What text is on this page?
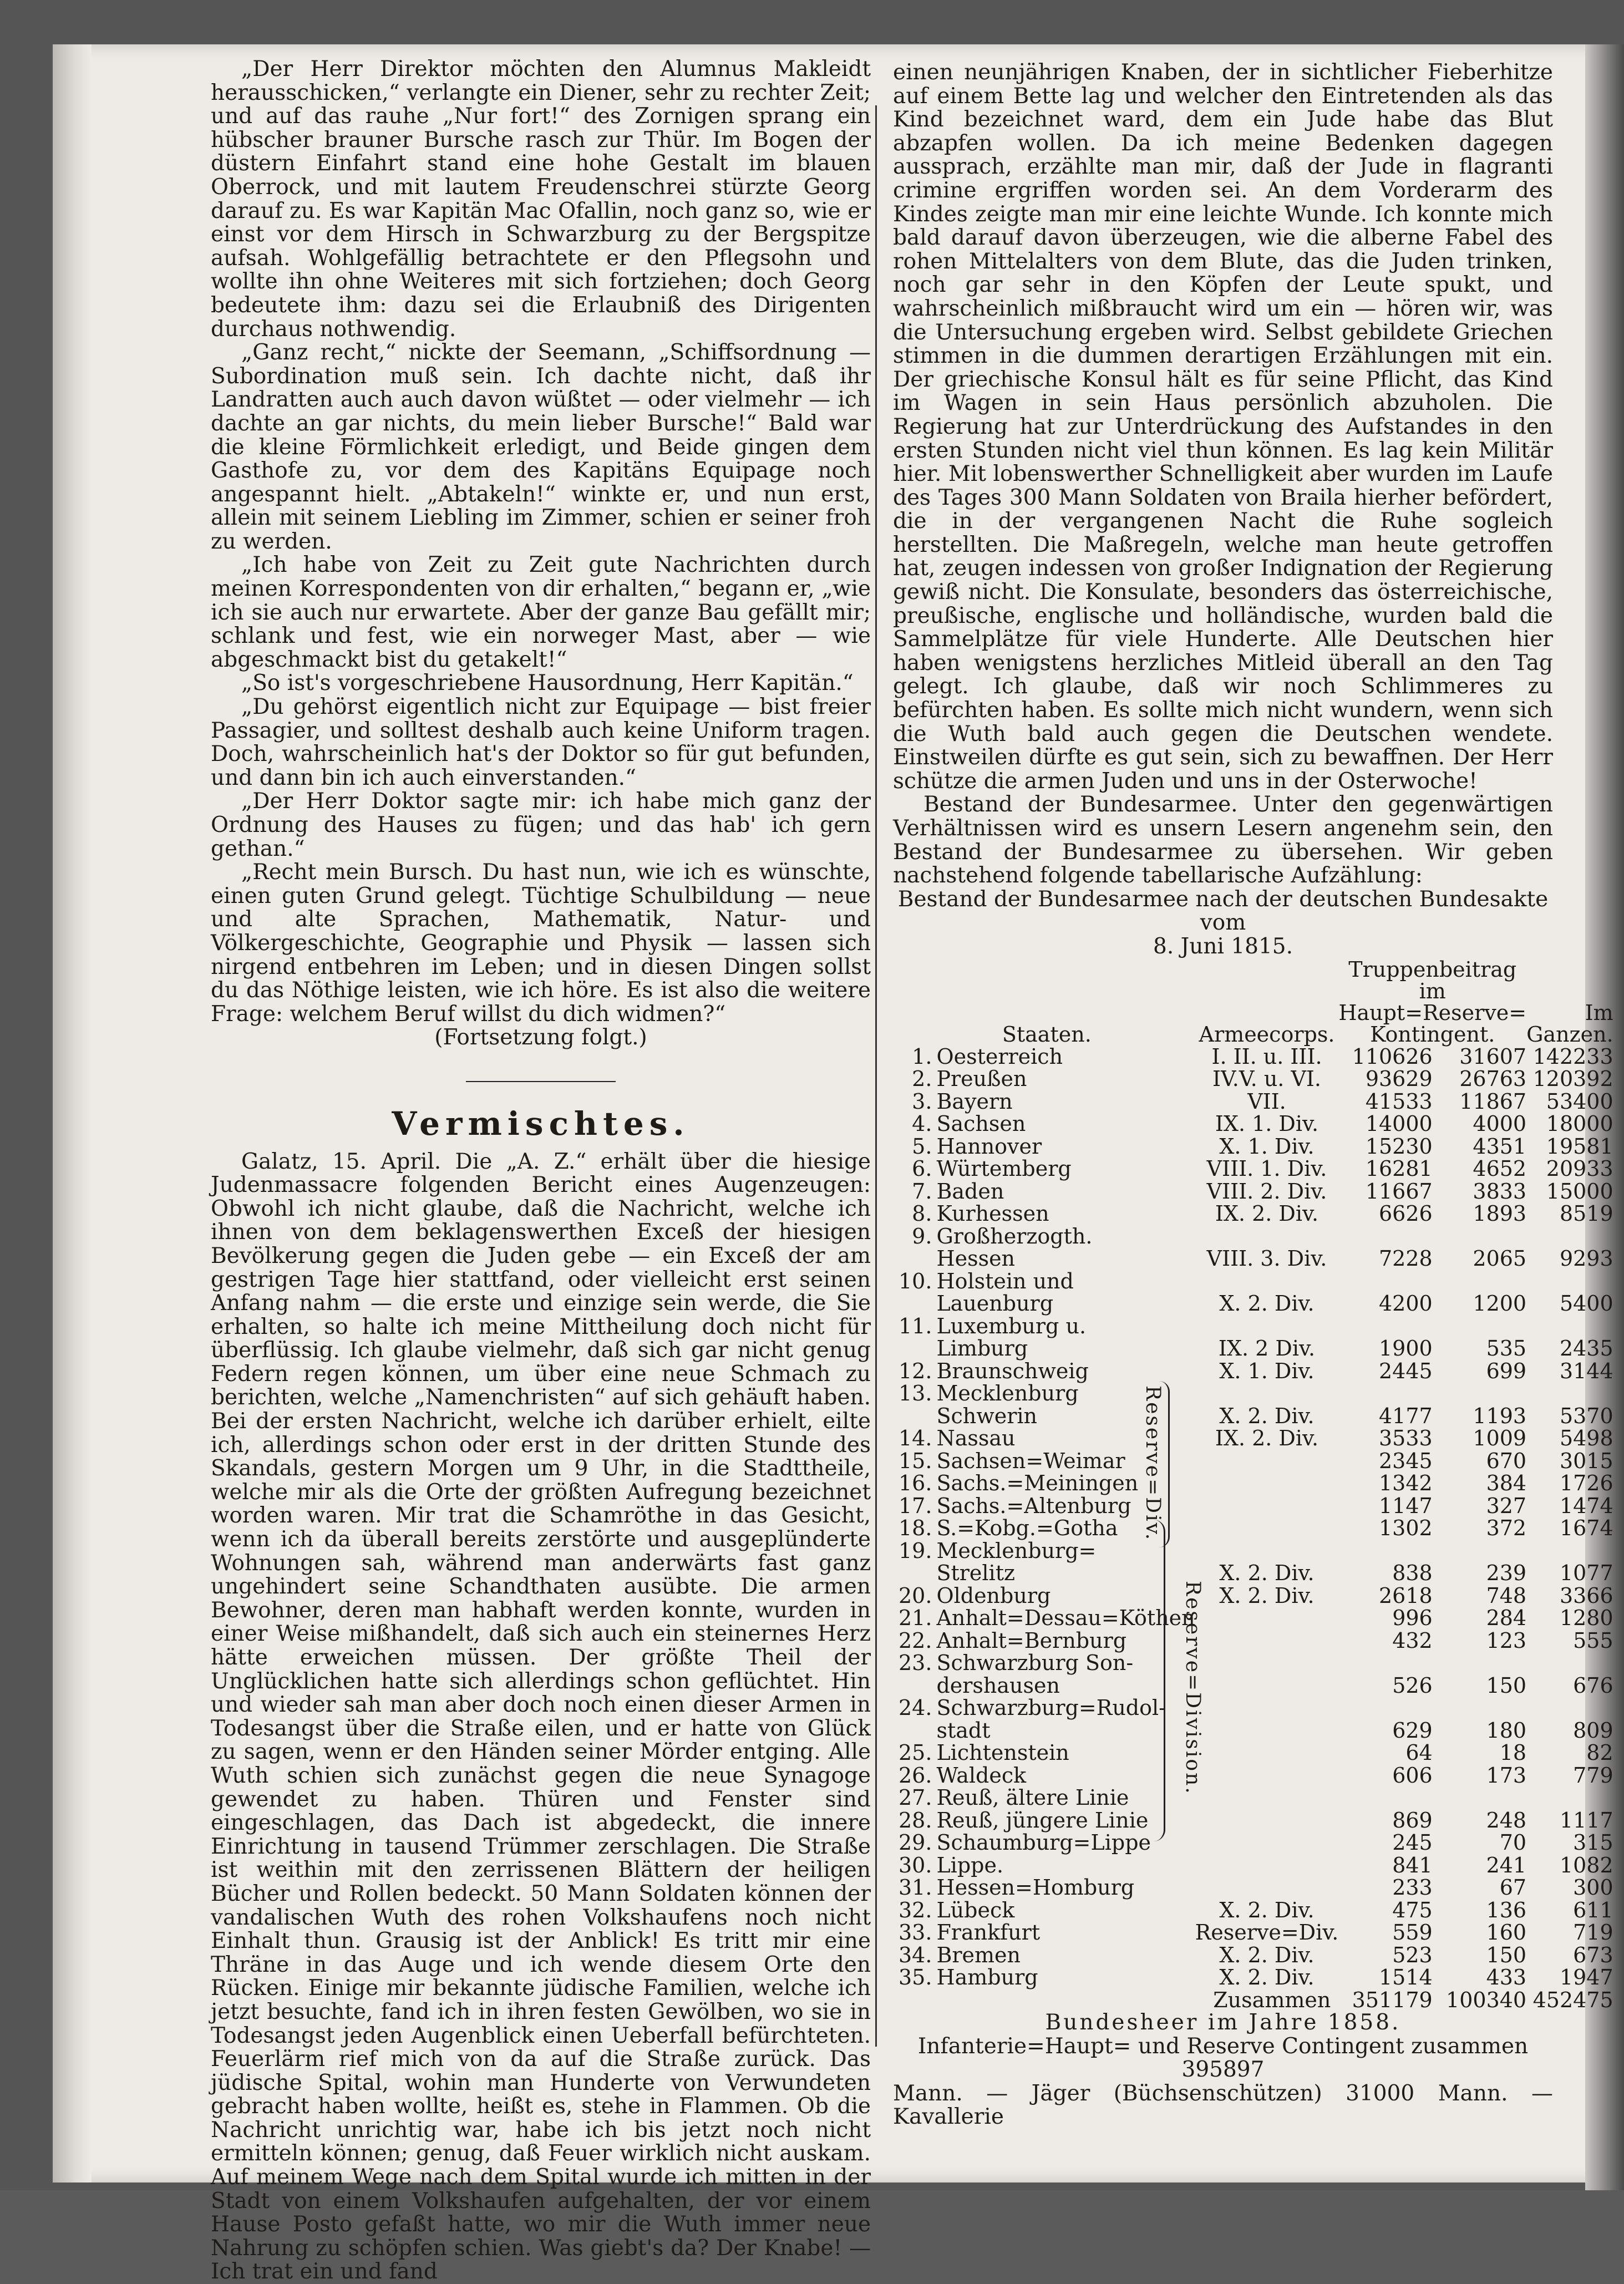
„Der Herr Direktor möchten den Alumnus Makleidt herausschicken,“ verlangte ein Diener, sehr zu rechter Zeit; und auf das rauhe „Nur fort!“ des Zornigen sprang ein hübscher brauner Bursche rasch zur Thür. Im Bogen der düstern Einfahrt stand eine hohe Gestalt im blauen Oberrock, und mit lautem Freudenschrei stürzte Georg darauf zu. Es war Kapitän Mac Ofallin, noch ganz so, wie er einst vor dem Hirsch in Schwarzburg zu der Bergspitze aufsah. Wohlgefällig betrachtete er den Pflegsohn und wollte ihn ohne Weiteres mit sich fortziehen; doch Georg bedeutete ihm: dazu sei die Erlaubniß des Dirigenten durchaus nothwendig.

„Ganz recht,“ nickte der Seemann, „Schiffsordnung — Subordination muß sein. Ich dachte nicht, daß ihr Landratten auch auch davon wüßtet — oder vielmehr — ich dachte an gar nichts, du mein lieber Bursche!“ Bald war die kleine Förmlichkeit erledigt, und Beide gingen dem Gasthofe zu, vor dem des Kapitäns Equipage noch angespannt hielt. „Abtakeln!“ winkte er, und nun erst, allein mit seinem Liebling im Zimmer, schien er seiner froh zu werden.

„Ich habe von Zeit zu Zeit gute Nachrichten durch meinen Korrespondenten von dir erhalten,“ begann er, „wie ich sie auch nur erwartete. Aber der ganze Bau gefällt mir; schlank und fest, wie ein norweger Mast, aber — wie abgeschmackt bist du getakelt!“

„So ist's vorgeschriebene Hausordnung, Herr Kapitän.“

„Du gehörst eigentlich nicht zur Equipage — bist freier Passagier, und solltest deshalb auch keine Uniform tragen. Doch, wahrscheinlich hat's der Doktor so für gut befunden, und dann bin ich auch einverstanden.“

„Der Herr Doktor sagte mir: ich habe mich ganz der Ordnung des Hauses zu fügen; und das hab' ich gern gethan.“

„Recht mein Bursch. Du hast nun, wie ich es wünschte, einen guten Grund gelegt. Tüchtige Schulbildung — neue und alte Sprachen, Mathematik, Natur- und Völkergeschichte, Geographie und Physik — lassen sich nirgend entbehren im Leben; und in diesen Dingen sollst du das Nöthige leisten, wie ich höre. Es ist also die weitere Frage: welchem Beruf willst du dich widmen?“

(Fortsetzung folgt.)

Vermischtes.

Galatz, 15. April. Die „A. Z.“ erhält über die hiesige Judenmassacre folgenden Bericht eines Augenzeugen: Obwohl ich nicht glaube, daß die Nachricht, welche ich ihnen von dem beklagenswerthen Exceß der hiesigen Bevölkerung gegen die Juden gebe — ein Exceß der am gestrigen Tage hier stattfand, oder vielleicht erst seinen Anfang nahm — die erste und einzige sein werde, die Sie erhalten, so halte ich meine Mittheilung doch nicht für überflüssig. Ich glaube vielmehr, daß sich gar nicht genug Federn regen können, um über eine neue Schmach zu berichten, welche „Namenchristen“ auf sich gehäuft haben. Bei der ersten Nachricht, welche ich darüber erhielt, eilte ich, allerdings schon oder erst in der dritten Stunde des Skandals, gestern Morgen um 9 Uhr, in die Stadttheile, welche mir als die Orte der größten Aufregung bezeichnet worden waren. Mir trat die Schamröthe in das Gesicht, wenn ich da überall bereits zerstörte und ausgeplünderte Wohnungen sah, während man anderwärts fast ganz ungehindert seine Schandthaten ausübte. Die armen Bewohner, deren man habhaft werden konnte, wurden in einer Weise mißhandelt, daß sich auch ein steinernes Herz hätte erweichen müssen. Der größte Theil der Unglücklichen hatte sich allerdings schon geflüchtet. Hin und wieder sah man aber doch noch einen dieser Armen in Todesangst über die Straße eilen, und er hatte von Glück zu sagen, wenn er den Händen seiner Mörder entging. Alle Wuth schien sich zunächst gegen die neue Synagoge gewendet zu haben. Thüren und Fenster sind eingeschlagen, das Dach ist abgedeckt, die innere Einrichtung in tausend Trümmer zerschlagen. Die Straße ist weithin mit den zerrissenen Blättern der heiligen Bücher und Rollen bedeckt. 50 Mann Soldaten können der vandalischen Wuth des rohen Volkshaufens noch nicht Einhalt thun. Grausig ist der Anblick! Es tritt mir eine Thräne in das Auge und ich wende diesem Orte den Rücken. Einige mir bekannte jüdische Familien, welche ich jetzt besuchte, fand ich in ihren festen Gewölben, wo sie in Todesangst jeden Augenblick einen Ueberfall befürchteten. Feuerlärm rief mich von da auf die Straße zurück. Das jüdische Spital, wohin man Hunderte von Verwundeten gebracht haben wollte, heißt es, stehe in Flammen. Ob die Nachricht unrichtig war, habe ich bis jetzt noch nicht ermitteln können; genug, daß Feuer wirklich nicht auskam. Auf meinem Wege nach dem Spital wurde ich mitten in der Stadt von einem Volkshaufen aufgehalten, der vor einem Hause Posto gefaßt hatte, wo mir die Wuth immer neue Nahrung zu schöpfen schien. Was giebt's da? Der Knabe! — Ich trat ein und fand

einen neunjährigen Knaben, der in sichtlicher Fieberhitze auf einem Bette lag und welcher den Eintretenden als das Kind bezeichnet ward, dem ein Jude habe das Blut abzapfen wollen. Da ich meine Bedenken dagegen aussprach, erzählte man mir, daß der Jude in flagranti crimine ergriffen worden sei. An dem Vorderarm des Kindes zeigte man mir eine leichte Wunde. Ich konnte mich bald darauf davon überzeugen, wie die alberne Fabel des rohen Mittelalters von dem Blute, das die Juden trinken, noch gar sehr in den Köpfen der Leute spukt, und wahrscheinlich mißbraucht wird um ein — hören wir, was die Untersuchung ergeben wird. Selbst gebildete Griechen stimmen in die dummen derartigen Erzählungen mit ein. Der griechische Konsul hält es für seine Pflicht, das Kind im Wagen in sein Haus persönlich abzuholen. Die Regierung hat zur Unterdrückung des Aufstandes in den ersten Stunden nicht viel thun können. Es lag kein Militär hier. Mit lobenswerther Schnelligkeit aber wurden im Laufe des Tages 300 Mann Soldaten von Braila hierher befördert, die in der vergangenen Nacht die Ruhe sogleich herstellten. Die Maßregeln, welche man heute getroffen hat, zeugen indessen von großer Indignation der Regierung gewiß nicht. Die Konsulate, besonders das österreichische, preußische, englische und holländische, wurden bald die Sammelplätze für viele Hunderte. Alle Deutschen hier haben wenigstens herzliches Mitleid überall an den Tag gelegt. Ich glaube, daß wir noch Schlimmeres zu befürchten haben. Es sollte mich nicht wundern, wenn sich die Wuth bald auch gegen die Deutschen wendete. Einstweilen dürfte es gut sein, sich zu bewaffnen. Der Herr schütze die armen Juden und uns in der Osterwoche!

Bestand der Bundesarmee. Unter den gegenwärtigen Verhältnissen wird es unsern Lesern angenehm sein, den Bestand der Bundesarmee zu übersehen. Wir geben nachstehend folgende tabellarische Aufzählung:

Bestand der Bundesarmee nach der deutschen Bundesakte vom

8. Juni 1815.

			Truppenbeitrag im		
Staaten.		Armeecorps.	Haupt=Reserve= Kontingent.		Im Ganzen.
1.	Oesterreich	I. II. u. III.	110626	31607	142233
2.	Preußen	IV.V. u. VI.	93629	26763	120392
3.	Bayern	VII.	41533	11867	53400
4.	Sachsen	IX. 1. Div.	14000	4000	18000
5.	Hannover	X. 1. Div.	15230	4351	19581
6.	Würtemberg	VIII. 1. Div.	16281	4652	20933
7.	Baden	VIII. 2. Div.	11667	3833	15000
8.	Kurhessen	IX. 2. Div.	6626	1893	8519
9.	Großherzogth.				
	Hessen	VIII. 3. Div.	7228	2065	9293
10.	Holstein und				
	Lauenburg	X. 2. Div.	4200	1200	5400
11.	Luxemburg u.				
	Limburg	IX. 2 Div.	1900	535	2435
12.	Braunschweig	X. 1. Div.	2445	699	3144
13.	Mecklenburg				
	Schwerin	X. 2. Div.	4177	1193	5370
14.	Nassau	IX. 2. Div.	3533	1009	5498
15.	Sachsen=Weimar		2345	670	3015
16.	Sachs.=Meiningen		1342	384	1726
17.	Sachs.=Altenburg		1147	327	1474
18.	S.=Kobg.=Gotha		1302	372	1674
19.	Mecklenburg=				
	Strelitz	X. 2. Div.	838	239	1077
20.	Oldenburg	X. 2. Div.	2618	748	3366
21.	Anhalt=Dessau=Köthen		996	284	1280
22.	Anhalt=Bernburg		432	123	555
23.	Schwarzburg Son-				
	dershausen		526	150	676
24.	Schwarzburg=Rudol-				
	stadt		629	180	809
25.	Lichtenstein		64	18	82
26.	Waldeck		606	173	779
27.	Reuß, ältere Linie				
28.	Reuß, jüngere Linie		869	248	1117
29.	Schaumburg=Lippe		245	70	315
30.	Lippe.		841	241	1082
31.	Hessen=Homburg		233	67	300
32.	Lübeck	X. 2. Div.	475	136	611
33.	Frankfurt	Reserve=Div.	559	160	719
34.	Bremen	X. 2. Div.	523	150	673
35.	Hamburg	X. 2. Div.	1514	433	1947
Zusammen			351179	100340	452475

Bundesheer im Jahre 1858.

Infanterie=Haupt= und Reserve Contingent zusammen 395897

Mann. — Jäger (Büchsenschützen) 31000 Mann. — Kavallerie

Reserve=Div.
Reserve=Division.
